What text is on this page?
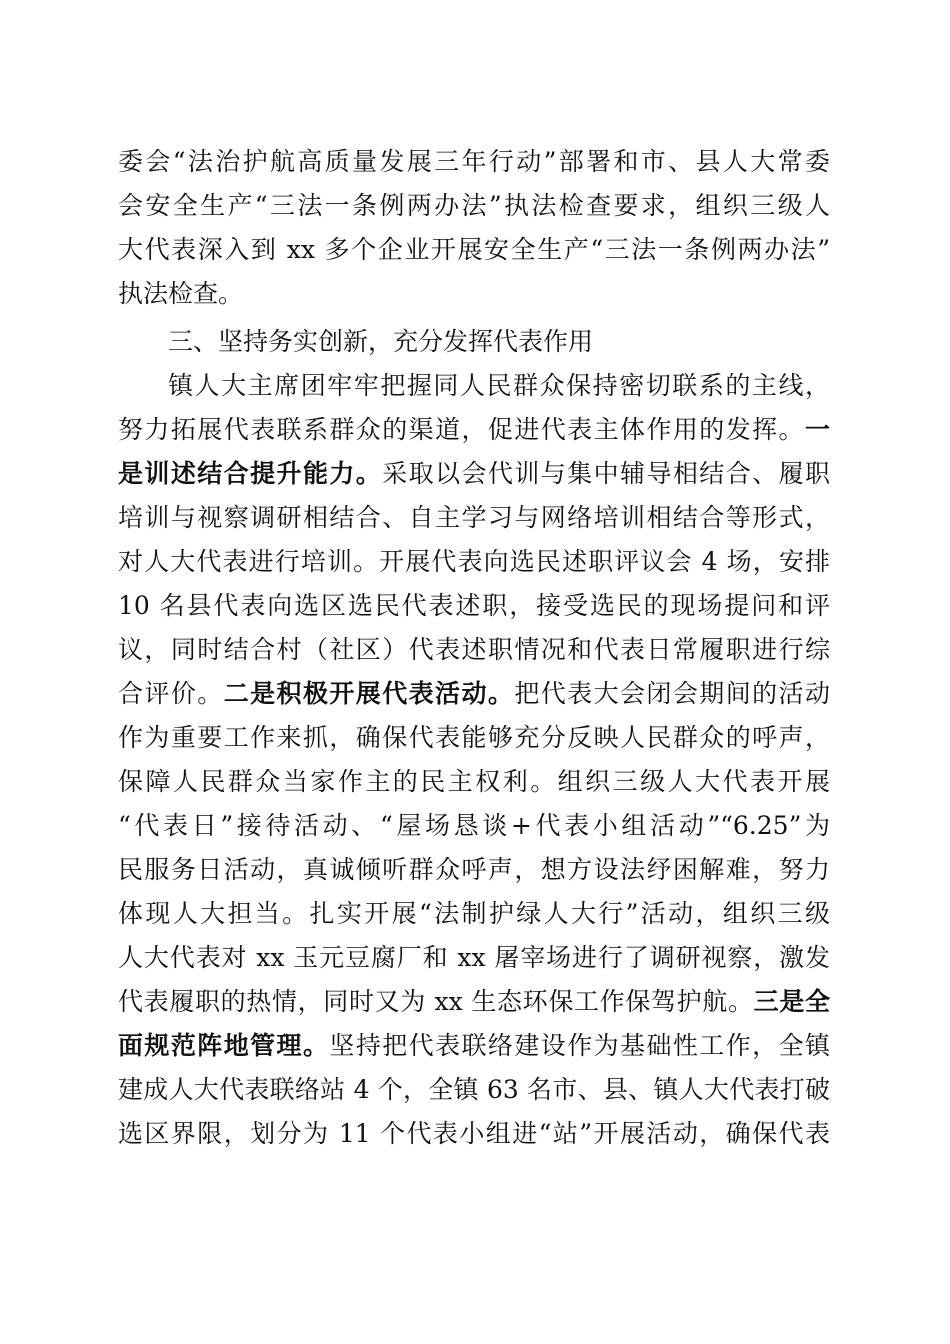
委会“法治护航高质量发展三年行动”部署和市、县人大常委
会安全生产“三法一条例两办法”执法检查要求，组织三级人
大代表深入到 xx 多个企业开展安全生产“三法一条例两办法”
执法检查。
三、坚持务实创新，充分发挥代表作用
镇人大主席团牢牢把握同人民群众保持密切联系的主线，
努力拓展代表联系群众的渠道，促进代表主体作用的发挥。一
是训述结合提升能力。采取以会代训与集中辅导相结合、履职
培训与视察调研相结合、自主学习与网络培训相结合等形式，
对人大代表进行培训。开展代表向选民述职评议会 4 场，安排
10 名县代表向选区选民代表述职，接受选民的现场提问和评
议，同时结合村（社区）代表述职情况和代表日常履职进行综
合评价。二是积极开展代表活动。把代表大会闭会期间的活动
作为重要工作来抓，确保代表能够充分反映人民群众的呼声，
保障人民群众当家作主的民主权利。组织三级人大代表开展
“代表日”接待活动、“屋场恳谈+代表小组活动”“6.25”为
民服务日活动，真诚倾听群众呼声，想方设法纾困解难，努力
体现人大担当。扎实开展“法制护绿人大行”活动，组织三级
人大代表对 xx 玉元豆腐厂和 xx 屠宰场进行了调研视察，激发
代表履职的热情，同时又为 xx 生态环保工作保驾护航。三是全
面规范阵地管理。坚持把代表联络建设作为基础性工作，全镇
建成人大代表联络站 4 个，全镇 63 名市、县、镇人大代表打破
选区界限，划分为 11 个代表小组进“站”开展活动，确保代表
